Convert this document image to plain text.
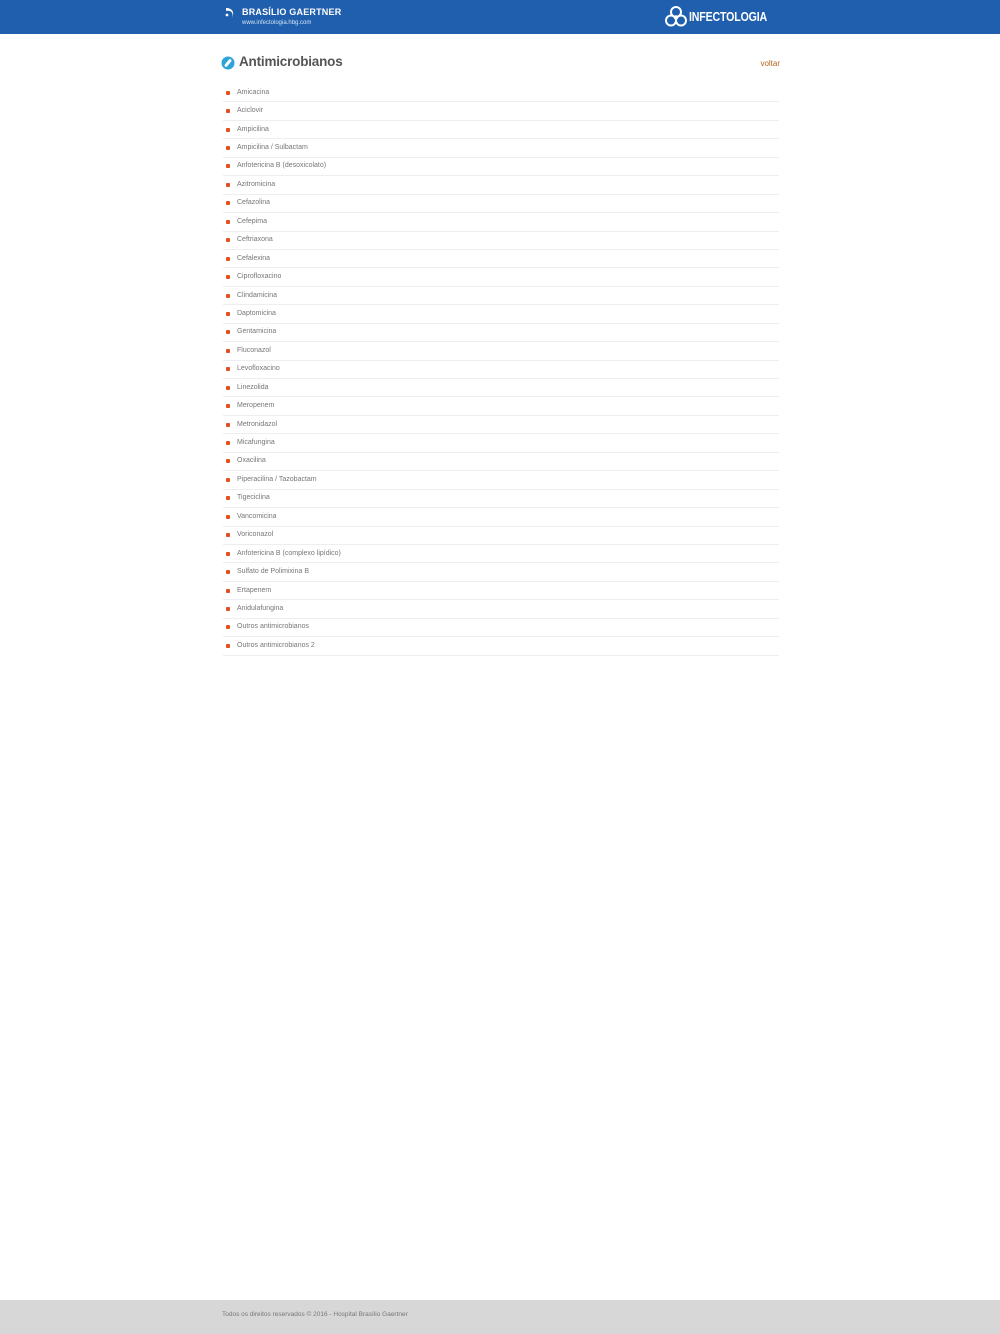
BRASÍLIO GAERTNER
www.infectologia.hbg.com	INFECTOLOGIA
Antimicrobianos	voltar
Amicacina
Aciclovir
Ampicilina
Ampicilina / Sulbactam
Anfotericina B (desoxicolato)
Azitromicina
Cefazolina
Cefepima
Ceftriaxona
Cefalexina
Ciprofloxacino
Clindamicina
Daptomicina
Gentamicina
Fluconazol
Levofloxacino
Linezolida
Meropenem
Metronidazol
Micafungina
Oxacilina
Piperacilina / Tazobactam
Tigeciclina
Vancomicina
Voriconazol
Anfotericina B (complexo lipídico)
Sulfato de Polimixina B
Ertapenem
Anidulafungina
Outros antimicrobianos
Outros antimicrobianos 2
Todos os direitos reservados © 2016 - Hospital Brasílio Gaertner
